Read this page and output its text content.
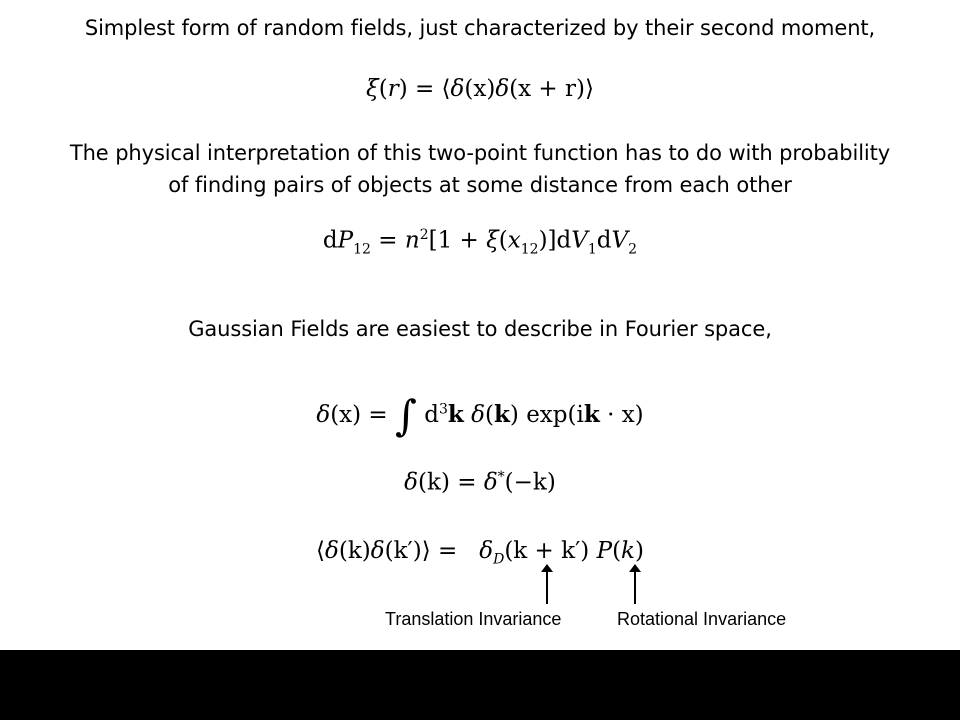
Simplest form of random fields, just characterized by their second moment,
ξ(r) = ⟨δ(x)δ(x + r)⟩
The physical interpretation of this two-point function has to do with probability
of finding pairs of objects at some distance from each other
$dP_{12} = n^2[1 + \xi(x_{12})]dV_1dV_2$
Gaussian Fields are easiest to describe in Fourier space,
δ(x) = ∫ $d^3k$ δ(k) exp(ik · x)
δ(k) = δ*(−k)
⟨δ(k)δ(k′)⟩ =   $\delta_D(k + k')$ P(k)
Translation Invariance	Rotational Invariance
